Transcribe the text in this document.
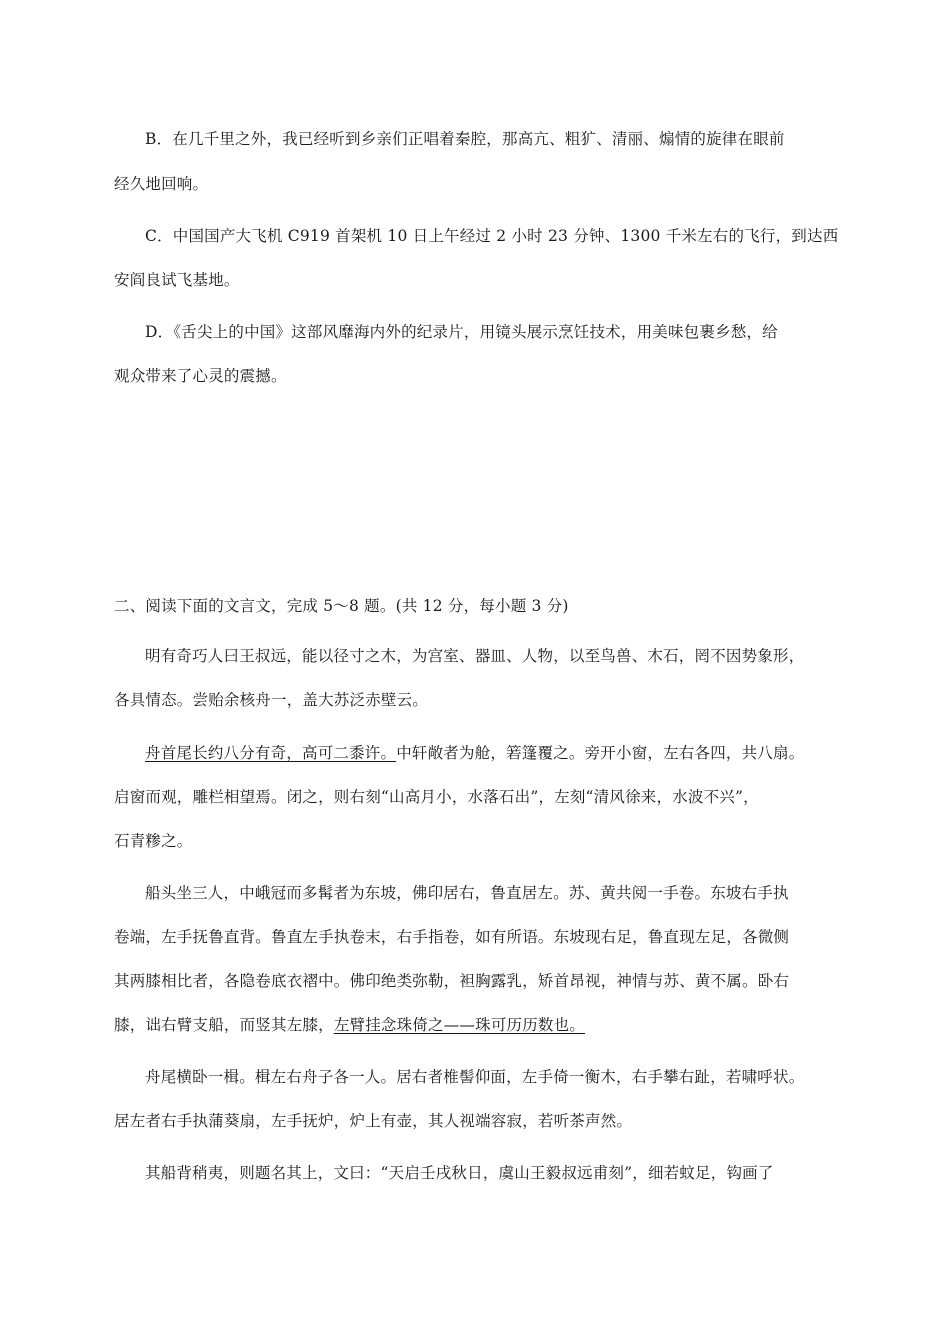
B．在几千里之外，我已经听到乡亲们正唱着秦腔，那高亢、粗犷、清丽、煽情的旋律在眼前
经久地回响。
C．中国国产大飞机 C919 首架机 10 日上午经过 2 小时 23 分钟、1300 千米左右的飞行，到达西
安阎良试飞基地。
D．《舌尖上的中国》这部风靡海内外的纪录片，用镜头展示烹饪技术，用美味包裹乡愁，给
观众带来了心灵的震撼。
二、阅读下面的文言文，完成 5～8 题。(共 12 分，每小题 3 分)
明有奇巧人曰王叔远，能以径寸之木，为宫室、器皿、人物，以至鸟兽、木石，罔不因势象形，
各具情态。尝贻余核舟一，盖大苏泛赤壁云。
舟首尾长约八分有奇，高可二黍许。中轩敞者为舱，箬篷覆之。旁开小窗，左右各四，共八扇。
启窗而观，雕栏相望焉。闭之，则右刻“山高月小，水落石出”，左刻“清风徐来，水波不兴”，
石青糁之。
船头坐三人，中峨冠而多髯者为东坡，佛印居右，鲁直居左。苏、黄共阅一手卷。东坡右手执
卷端，左手抚鲁直背。鲁直左手执卷末，右手指卷，如有所语。东坡现右足，鲁直现左足，各微侧
其两膝相比者，各隐卷底衣褶中。佛印绝类弥勒，袒胸露乳，矫首昂视，神情与苏、黄不属。卧右
膝，诎右臂支船，而竖其左膝，左臂挂念珠倚之——珠可历历数也。
舟尾横卧一楫。楫左右舟子各一人。居右者椎髻仰面，左手倚一衡木，右手攀右趾，若啸呼状。
居左者右手执蒲葵扇，左手抚炉，炉上有壶，其人视端容寂，若听茶声然。
其船背稍夷，则题名其上，文曰：“天启壬戌秋日，虞山王毅叔远甫刻”，细若蚊足，钩画了
